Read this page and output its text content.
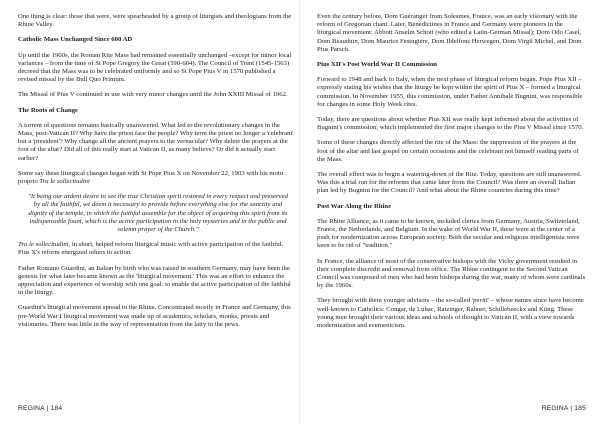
One thing is clear: those that were, were spearheaded by a group of liturgists and theologians from the Rhine Valley.

Catholic Mass Unchanged Since 600 AD

Up until the 1960s, the Roman Rite Mass had remained essentially unchanged –except for minor local variances – from the time of St Pope Gregory the Great (590-604). The Council of Trent (1545-1563) decreed that the Mass was to be celebrated uniformly and so St Pope Pius V in 1570 published a revised missal by the Bull Quo Primum.

The Missal of Pius V continued in use with very minor changes until the John XXIII Missal of 1962.

The Roots of Change

A torrent of questions remains basically unanswered. What led to the revolutionary changes in the Mass, post-Vatican II? Why have the priest face the people? Why term the priest no longer a 'celebrant' but a 'president'? Why change all the ancient prayers to the vernacular? Why delete the prayers at the foot of the altar? Did all of this really start at Vatican II, as many believe? Or did it actually start earlier?

Some say these liturgical changes began with St Pope Pius X on November 22, 1903 with his motu proprio Tra le sollecitudini

"It being our ardent desire to see the true Christian spirit restored in every respect and preserved by all the faithful, we deem it necessary to provide before everything else for the sanctity and dignity of the temple, in which the faithful assemble for the object of acquiring this spirit from its indispensable fount, which is the active participation in the holy mysteries and in the public and solemn prayer of the Church."

Tra le sollecitudini, in short, helped reform liturgical music with active participation of the faithful. Pius X's reform energized others to action.

Father Romano Guardini, an Italian by birth who was raised in southern Germany, may have been the genesis for what later became known as the 'liturgical movement.' This was an effort to enhance the appreciation and experience of worship with one goal: to enable the active participation of the faithful in the liturgy.

Guardini's liturgical movement spread to the Rhine. Concentrated mostly in France and Germany, this pre-World War I liturgical movement was made up of academics, scholars, monks, priests and visionaries. There was little in the way of representation from the laity in the pews.

Even the century before, Dom Guéranger from Solesmes, France, was an early visionary with the reform of Gregorian chant. Later, Benedictines in France and Germany were pioneers in the liturgical movement: Abbott Anselm Schott (who edited a Latin-German Missal); Dom Odo Casel, Dom Beauduin, Dom Maurice Festugière, Dom Ildelfons Herwegen, Dom Virgil Michel, and Dom Pius Parsch.

Pius XII's Post World War II Commission

Forward to 1948 and back to Italy, when the next phase of liturgical reform began. Pope Pius XII – expressly stating his wishes that the liturgy be kept within the spirit of Pius X – formed a liturgical commission. In November 1955, this commission, under Father Annibale Bugnini, was responsible for changes in some Holy Week rites.

Today, there are questions about whether Pius XII was really kept informed about the activities of Bugnini's commission, which implemented the first major changes to the Pius V Missal since 1570.

Some of these changes directly affected the rite of the Mass: the suppression of the prayers at the foot of the altar and last gospel on certain occasions and the celebrant not himself reading parts of the Mass.

The overall effect was to begin a watering-down of the Rite. Today, questions are still unanswered. Was this a trial run for the reforms that came later from the Council? Was there an overall Italian plan led by Bugnini for the Council? And what about the Rhine countries during this time?

Post War Along the Rhine

The Rhine Alliance, as it came to be known, included clerics from Germany, Austria, Switzerland, France, the Netherlands, and Belgium. In the wake of World War II, these were at the center of a push for modernization across European society. Both the secular and religious intelligentsia were keen to be rid of "tradition."

In France, the alliance of most of the conservative bishops with the Vichy government resulted in their complete discredit and removal from office. The Rhine contingent to the Second Vatican Council was composed of men who had been bishops during the war, many of whom were cardinals by the 1960s.

They brought with them younger advisors – the so-called 'periti' – whose names since have become well-known to Catholics: Congar, de Lubac, Ratzinger, Rahner, Schillebeeckx and Küng. These young men brought their various ideas and schools of thought to Vatican II, with a view towards modernization and ecumenicism.

REGINA | 184	REGINA | 185
